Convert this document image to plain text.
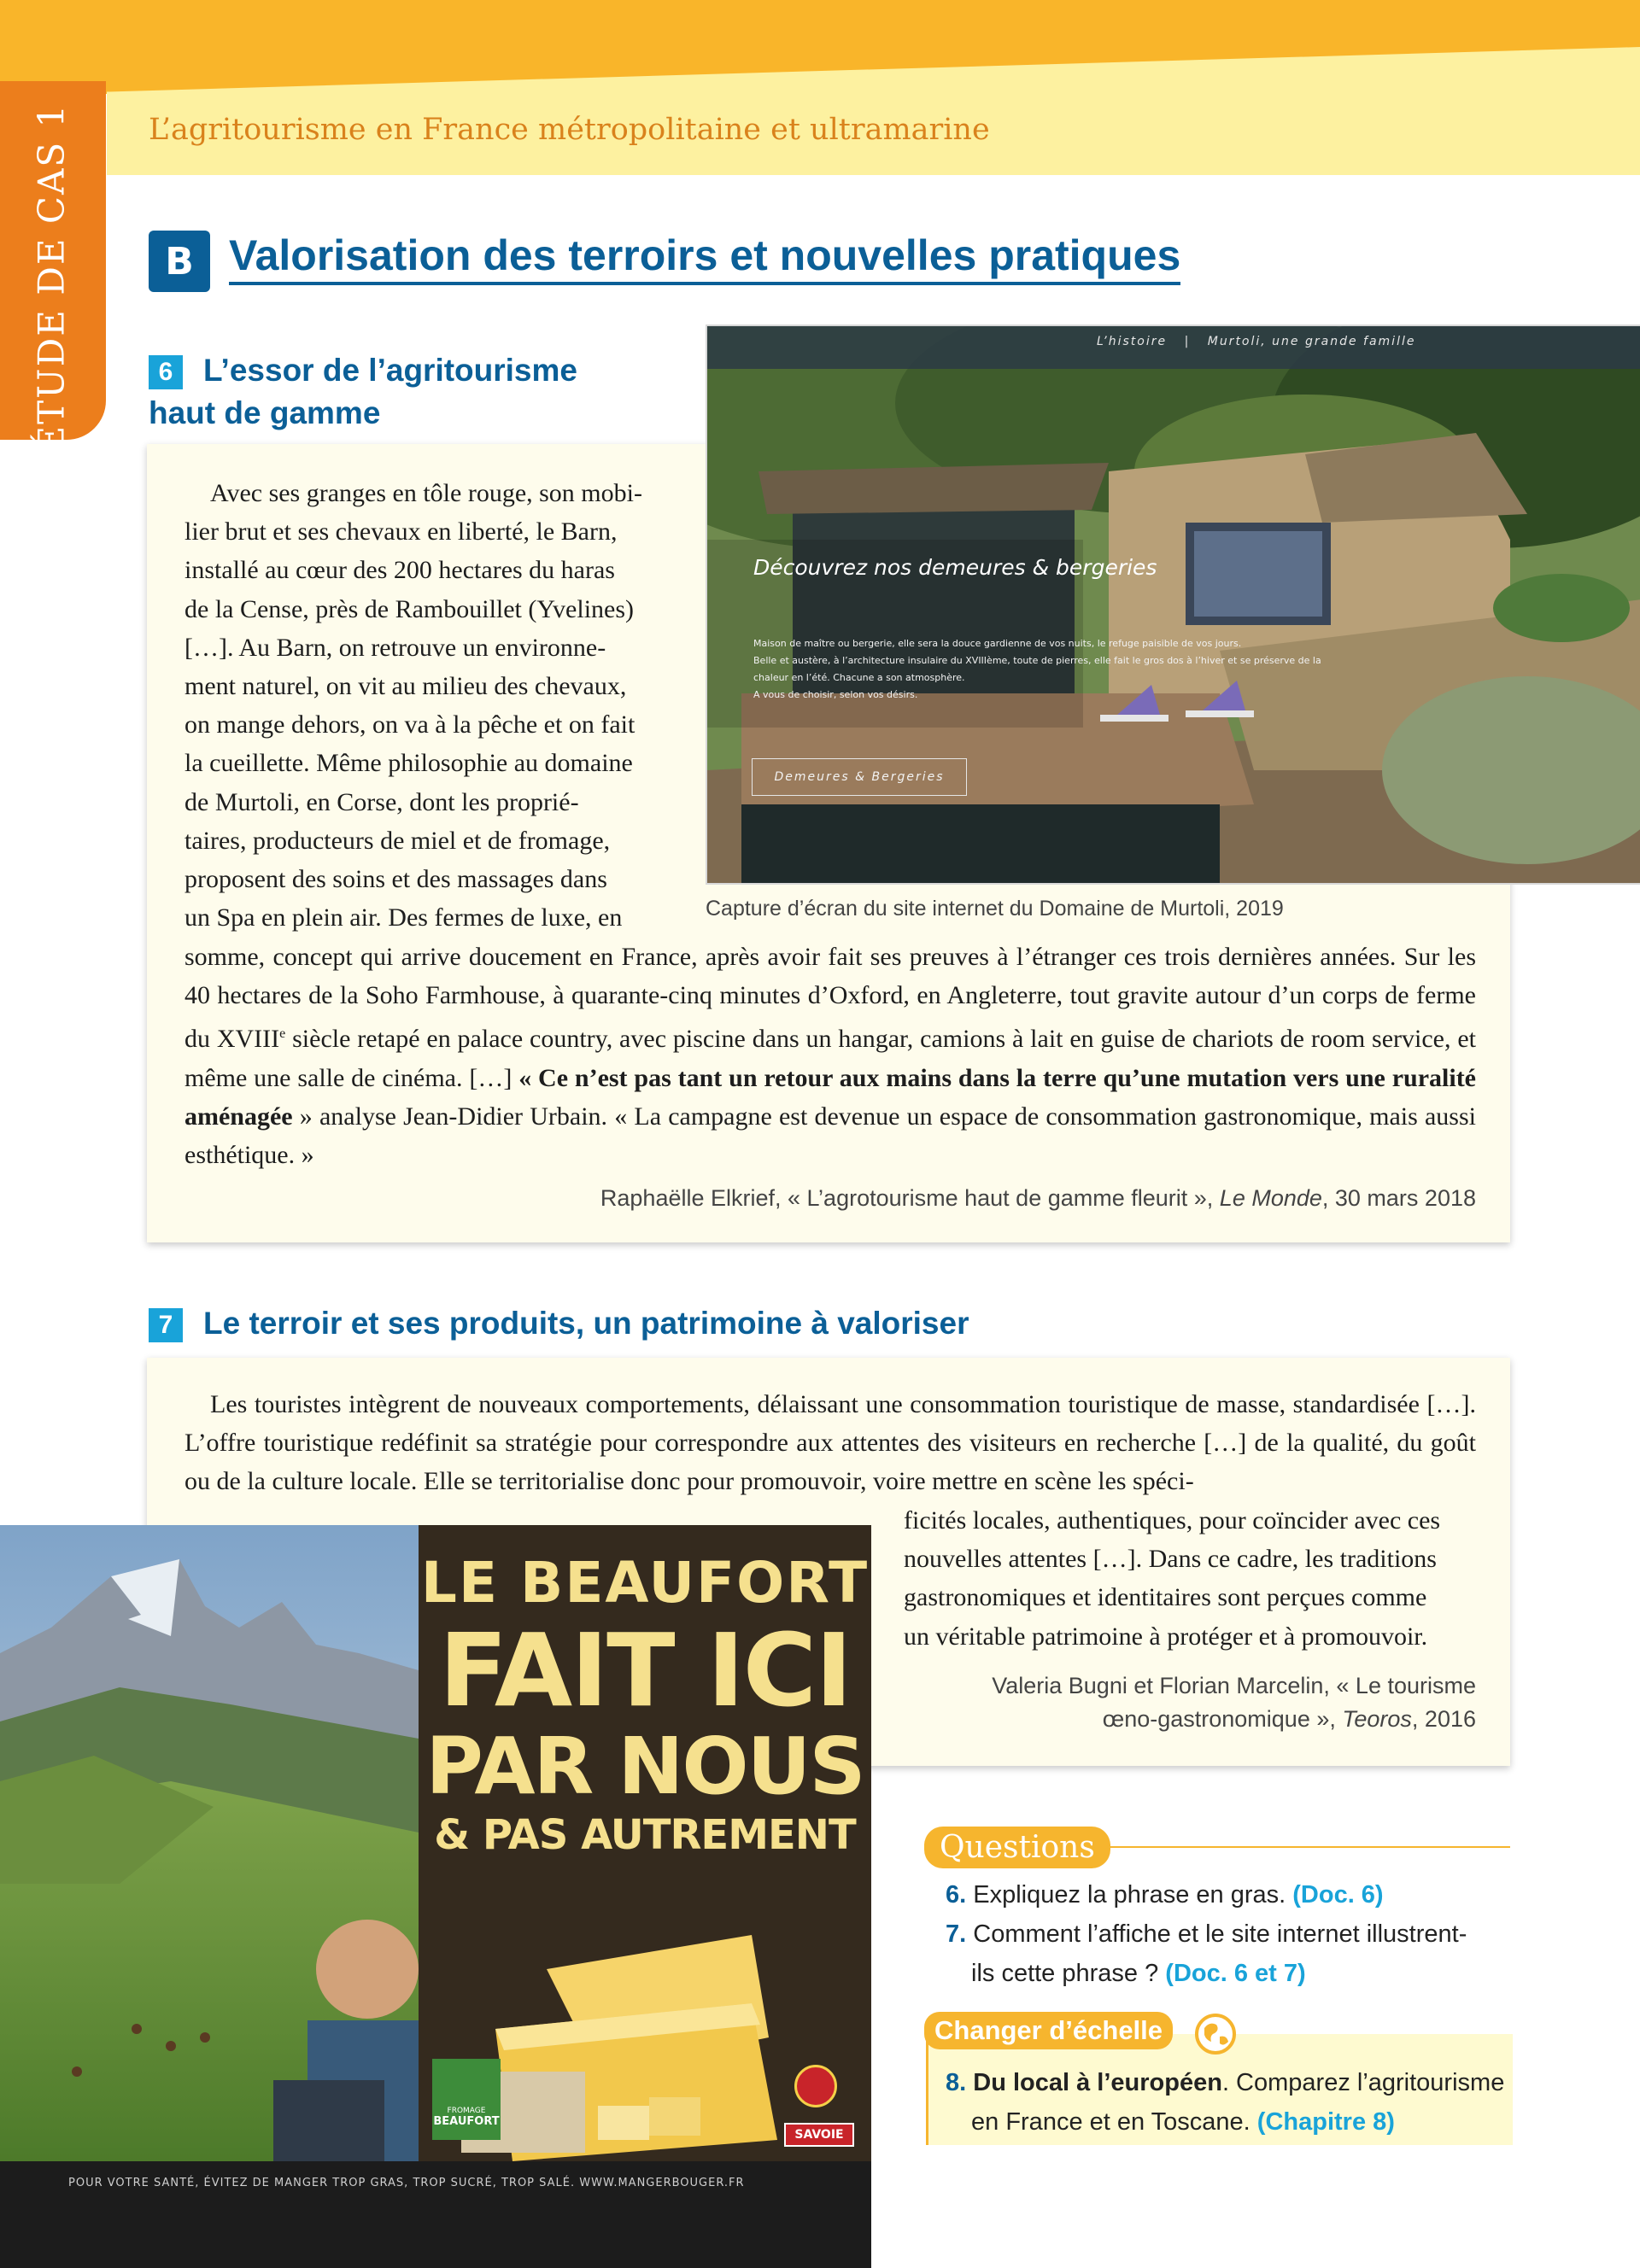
ÉTUDE DE CAS 1	L’agritourisme en France métropolitaine et ultramarine
B Valorisation des terroirs et nouvelles pratiques
6 L’essor de l’agritourisme
haut de gamme
Avec ses granges en tôle rouge, son mobi-
lier brut et ses chevaux en liberté, le Barn,
installé au cœur des 200 hectares du haras
de la Cense, près de Rambouillet (Yvelines)
[…]. Au Barn, on retrouve un environne-
ment naturel, on vit au milieu des chevaux,
on mange dehors, on va à la pêche et on fait
la cueillette. Même philosophie au domaine
de Murtoli, en Corse, dont les proprié-
taires, producteurs de miel et de fromage,
proposent des soins et des massages dans
un Spa en plein air. Des fermes de luxe, en
somme, concept qui arrive doucement en France, après avoir fait ses preuves à l’étranger ces trois dernières années. Sur les 40 hectares de la Soho Farmhouse, à quarante-cinq minutes d’Oxford, en Angleterre, tout gravite autour d’un corps de ferme du XVIIIe siècle retapé en palace country, avec piscine dans un hangar, camions à lait en guise de chariots de room service, et même une salle de cinéma. […] « Ce n’est pas tant un retour aux mains dans la terre qu’une mutation vers une ruralité aménagée » analyse Jean-Didier Urbain. « La campagne est devenue un espace de consommation gastronomique, mais aussi esthétique. »
Raphaëlle Elkrief, « L’agrotourisme haut de gamme fleurit », Le Monde, 30 mars 2018
L’histoire | Murtoli, une grande famille
Découvrez nos demeures & bergeries
Maison de maître ou bergerie, elle sera la douce gardienne de vos nuits, le refuge paisible de vos jours.
Belle et austère, à l’architecture insulaire du XVIIIème, toute de pierres, elle fait le gros dos à l’hiver et se préserve de la
chaleur en l’été. Chacune a son atmosphère.
A vous de choisir, selon vos désirs.
Demeures & Bergeries
Capture d’écran du site internet du Domaine de Murtoli, 2019
7 Le terroir et ses produits, un patrimoine à valoriser
Les touristes intègrent de nouveaux comportements, délaissant une consommation touristique de masse, standardisée […]. L’offre touristique redéfinit sa stratégie pour correspondre aux attentes des visiteurs en recherche […] de la qualité, du goût ou de la culture locale. Elle se territorialise donc pour promouvoir, voire mettre en scène les spéci-
ficités locales, authentiques, pour coïncider avec ces
nouvelles attentes […]. Dans ce cadre, les traditions
gastronomiques et identitaires sont perçues comme
un véritable patrimoine à protéger et à promouvoir.
Valeria Bugni et Florian Marcelin, « Le tourisme
œno-gastronomique », Teoros, 2016
LE BEAUFORT
FAIT ICI
PAR NOUS
& PAS AUTREMENT
FROMAGE
BEAUFORT
SAVOIE
POUR VOTRE SANTÉ, ÉVITEZ DE MANGER TROP GRAS, TROP SUCRÉ, TROP SALÉ. WWW.MANGERBOUGER.FR
Questions
6. Expliquez la phrase en gras. (Doc. 6)
7. Comment l’affiche et le site internet illustrent-
ils cette phrase ? (Doc. 6 et 7)
Changer d’échelle
8. Du local à l’européen. Comparez l’agritourisme
en France et en Toscane. (Chapitre 8)
